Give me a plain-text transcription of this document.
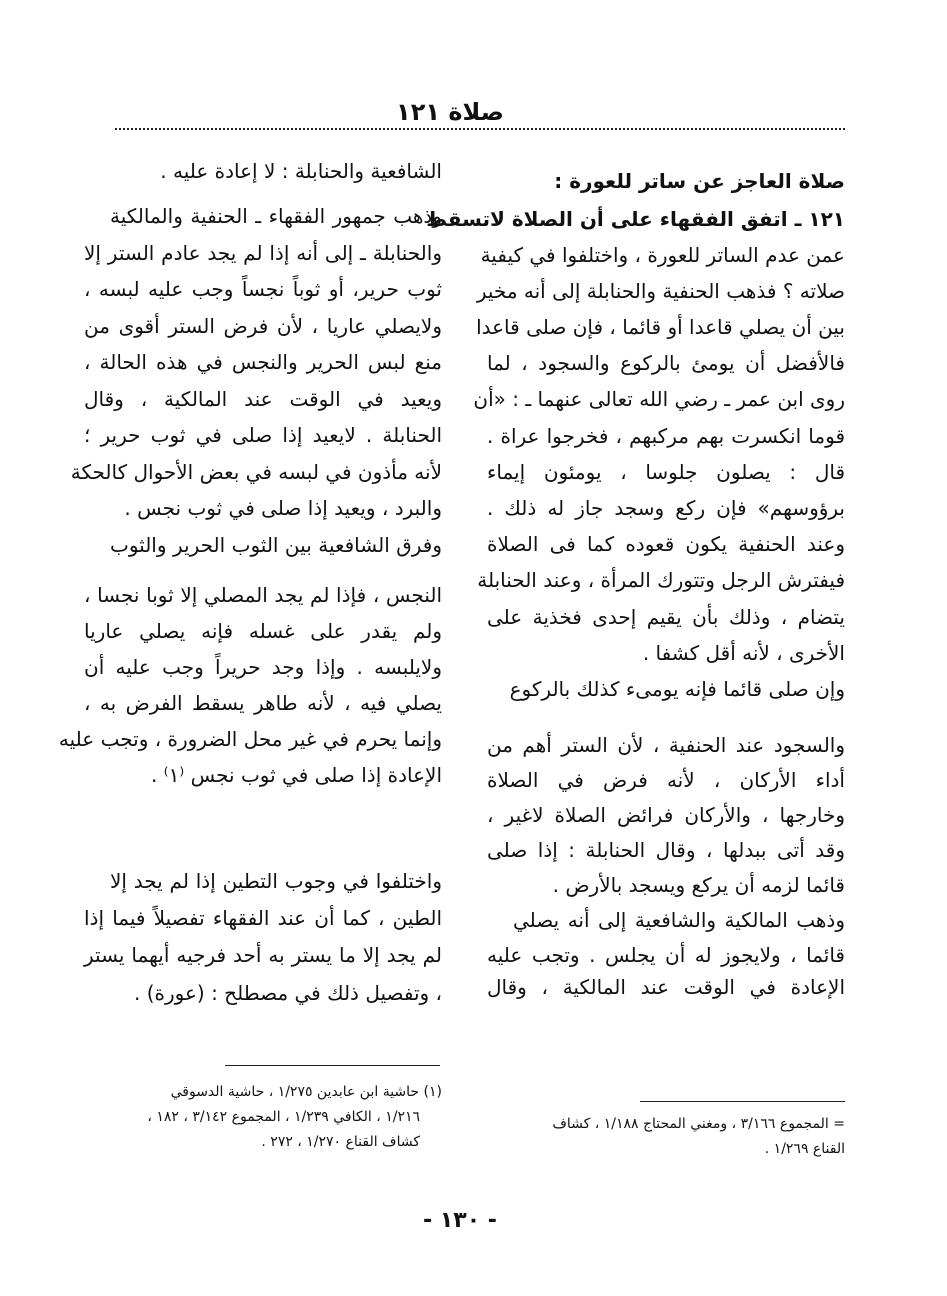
صلاة ١٢١
صلاة العاجز عن ساتر للعورة :
١٢١ ـ اتفق الفقهاء على أن الصلاة لاتسقط
عمن عدم الساتر للعورة ، واختلفوا في كيفية
صلاته ؟ فذهب الحنفية والحنابلة إلى أنه مخير
بين أن يصلي قاعدا أو قائما ، فإن صلى قاعدا
فالأفضل أن يومئ بالركوع والسجود ، لما
روى ابن عمر ـ رضي الله تعالى عنهما ـ : «أن
قوما انكسرت بهم مركبهم ، فخرجوا عراة .
قال : يصلون جلوسا ، يومئون إيماء
برؤوسهم» فإن ركع وسجد جاز له ذلك .
وعند الحنفية يكون قعوده كما فى الصلاة
فيفترش الرجل وتتورك المرأة ، وعند الحنابلة
يتضام ، وذلك بأن يقيم إحدى فخذية على
الأخرى ، لأنه أقل كشفا .
وإن صلى قائما فإنه يومىء كذلك بالركوع
والسجود عند الحنفية ، لأن الستر أهم من
أداء الأركان ، لأنه فرض في الصلاة
وخارجها ، والأركان فرائض الصلاة لاغير ،
وقد أتى ببدلها ، وقال الحنابلة : إذا صلى
قائما لزمه أن يركع ويسجد بالأرض .
وذهب المالكية والشافعية إلى أنه يصلي
قائما ، ولايجوز له أن يجلس . وتجب عليه
الإعادة في الوقت عند المالكية ، وقال
= المجموع ٣/١٦٦ ، ومغني المحتاج ١/١٨٨ ، كشاف
القناع ١/٢٦٩ .
الشافعية والحنابلة : لا إعادة عليه .
وذهب جمهور الفقهاء ـ الحنفية والمالكية
والحنابلة ـ إلى أنه إذا لم يجد عادم الستر إلا
ثوب حرير، أو ثوباً نجساً وجب عليه لبسه ،
ولايصلي عاريا ، لأن فرض الستر أقوى من
منع لبس الحرير والنجس في هذه الحالة ،
ويعيد في الوقت عند المالكية ، وقال
الحنابلة . لايعيد إذا صلى في ثوب حرير ؛
لأنه مأذون في لبسه في بعض الأحوال كالحكة
والبرد ، ويعيد إذا صلى في ثوب نجس .
وفرق الشافعية بين الثوب الحرير والثوب
النجس ، فإذا لم يجد المصلي إلا ثوبا نجسا ،
ولم يقدر على غسله فإنه يصلي عاريا
ولايلبسه . وإذا وجد حريراً وجب عليه أن
يصلي فيه ، لأنه طاهر يسقط الفرض به ،
وإنما يحرم في غير محل الضرورة ، وتجب عليه
الإعادة إذا صلى في ثوب نجس ⁽١⁾ .
واختلفوا في وجوب التطين إذا لم يجد إلا
الطين ، كما أن عند الفقهاء تفصيلاً فيما إذا
لم يجد إلا ما يستر به أحد فرجيه أيهما يستر
، وتفصيل ذلك في مصطلح : (عورة) .
(١) حاشية ابن عابدين ١/٢٧٥ ، حاشية الدسوقي
١/٢١٦ ، الكافي ١/٢٣٩ ، المجموع ٣/١٤٢ ، ١٨٢ ،
كشاف القناع ١/٢٧٠ ، ٢٧٢ .
- ١٣٠ -
